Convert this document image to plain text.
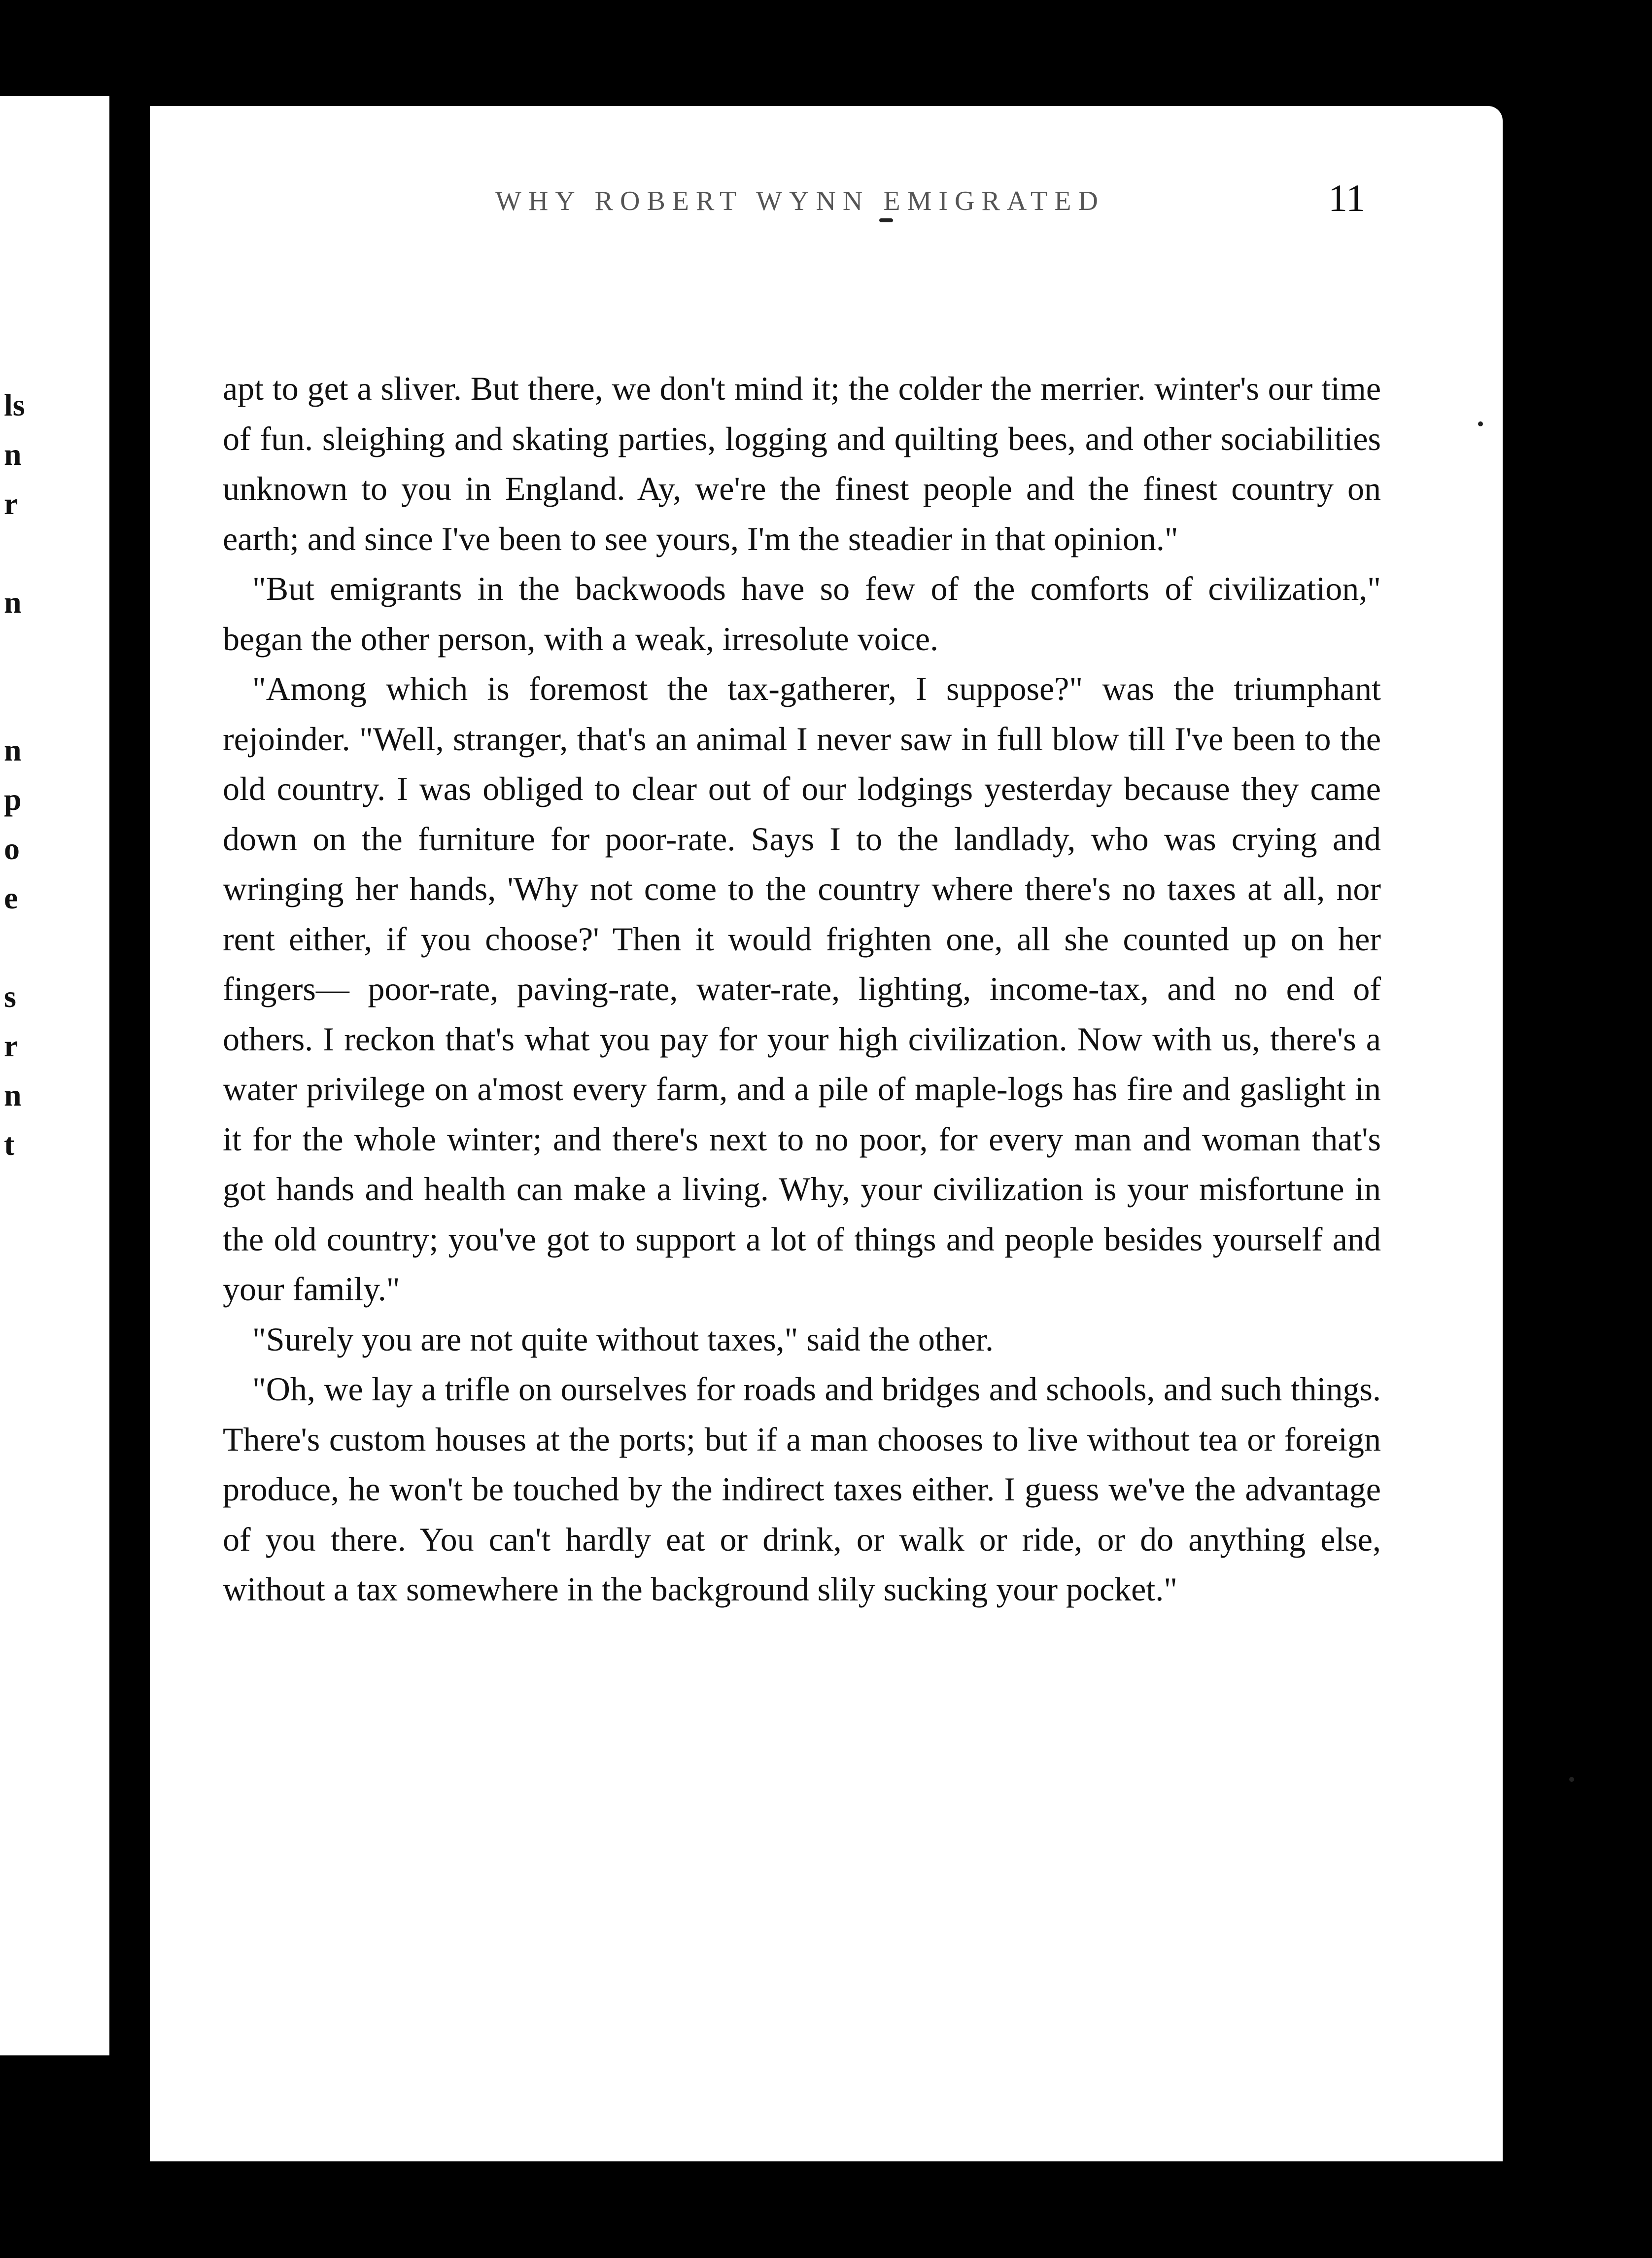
ls
n
r
n
n
p
o
e
s
r
n
t
WHY ROBERT WYNN EMIGRATED	11

apt to get a sliver. But there, we don't mind it; the colder the merrier. winter's our time of fun. sleighing and skating parties, logging and quilting bees, and other sociabilities unknown to you in England. Ay, we're the finest people and the finest country on earth; and since I've been to see yours, I'm the steadier in that opinion."

"But emigrants in the backwoods have so few of the comforts of civilization," began the other person, with a weak, irresolute voice.

"Among which is foremost the tax-gatherer, I suppose?" was the triumphant rejoinder. "Well, stranger, that's an animal I never saw in full blow till I've been to the old country. I was obliged to clear out of our lodgings yesterday because they came down on the furniture for poor-rate. Says I to the landlady, who was crying and wringing her hands, 'Why not come to the country where there's no taxes at all, nor rent either, if you choose?' Then it would frighten one, all she counted up on her fingers— poor-rate, paving-rate, water-rate, lighting, income-tax, and no end of others. I reckon that's what you pay for your high civilization. Now with us, there's a water privilege on a'most every farm, and a pile of maple-logs has fire and gaslight in it for the whole winter; and there's next to no poor, for every man and woman that's got hands and health can make a living. Why, your civilization is your misfortune in the old country; you've got to support a lot of things and people besides yourself and your family."

"Surely you are not quite without taxes," said the other.

"Oh, we lay a trifle on ourselves for roads and bridges and schools, and such things. There's custom houses at the ports; but if a man chooses to live without tea or foreign produce, he won't be touched by the indirect taxes either. I guess we've the advantage of you there. You can't hardly eat or drink, or walk or ride, or do anything else, without a tax somewhere in the background slily sucking your pocket."
